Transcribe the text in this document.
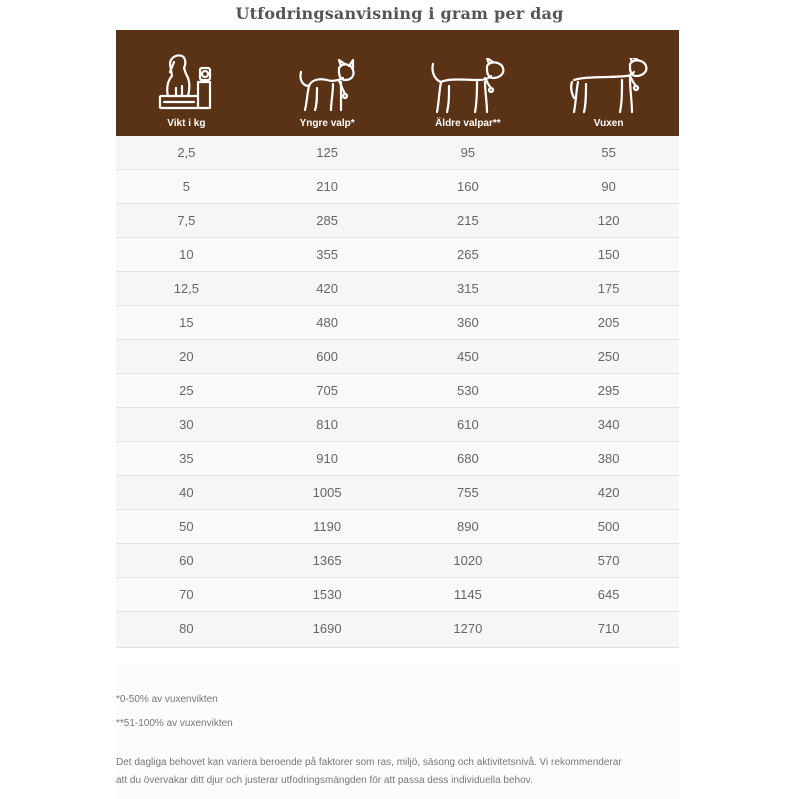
Utfodringsanvisning i gram per dag
Vikt i kg	Yngre valp*	Äldre valpar**	Vuxen
2,5	125	95	55
5	210	160	90
7,5	285	215	120
10	355	265	150
12,5	420	315	175
15	480	360	205
20	600	450	250
25	705	530	295
30	810	610	340
35	910	680	380
40	1005	755	420
50	1190	890	500
60	1365	1020	570
70	1530	1145	645
80	1690	1270	710
*0-50% av vuxenvikten
**51-100% av vuxenvikten
Det dagliga behovet kan variera beroende på faktorer som ras, miljö, säsong och aktivitetsnivå. Vi rekommenderar
att du övervakar ditt djur och justerar utfodringsmängden för att passa dess individuella behov.
